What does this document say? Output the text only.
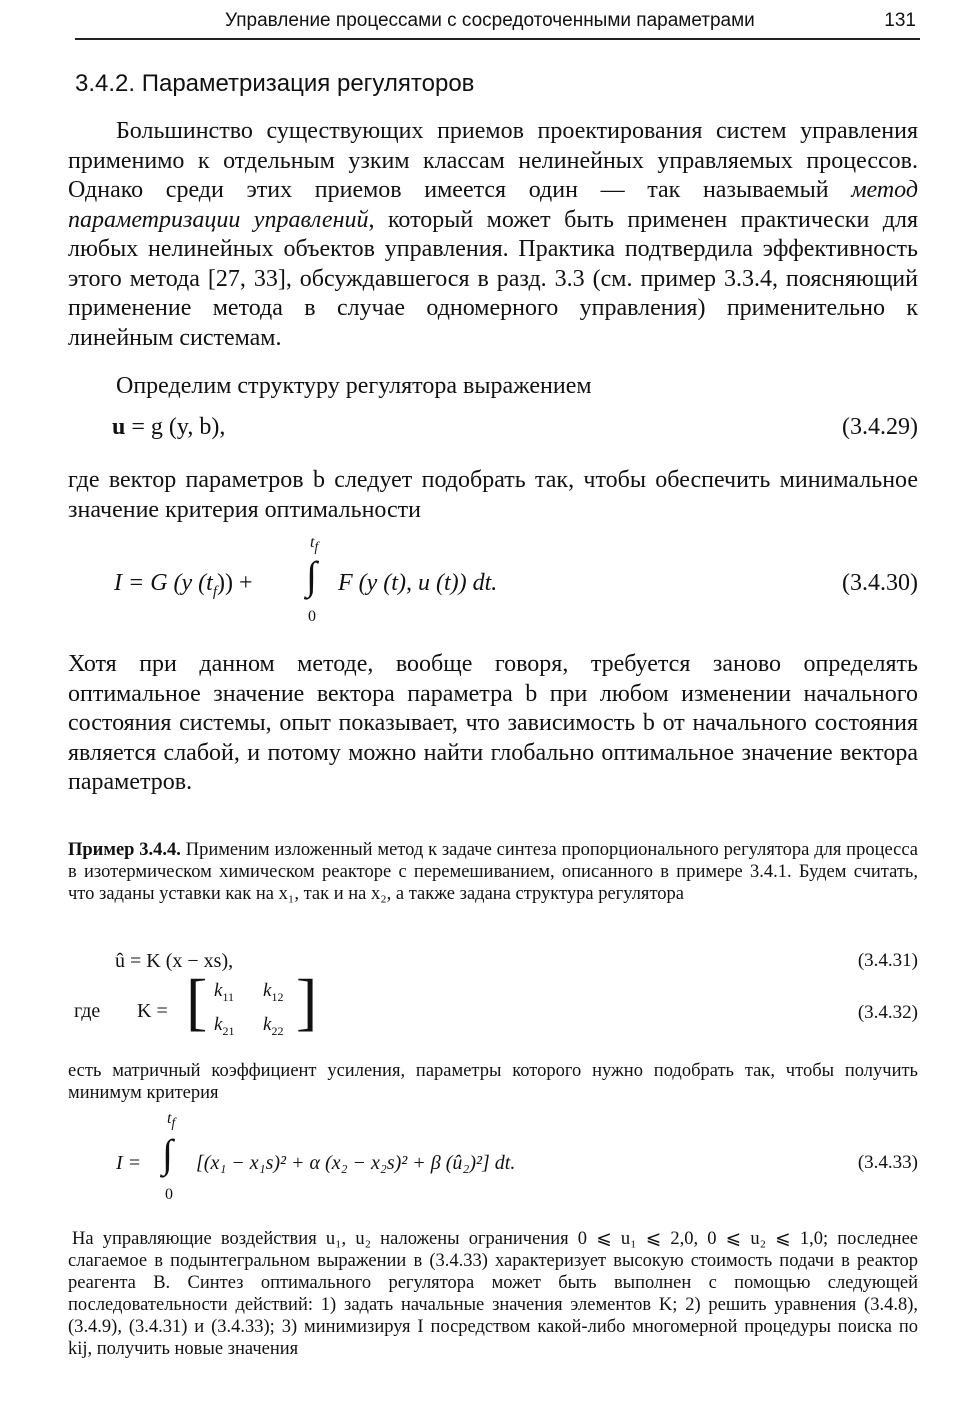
Управление процессами с сосредоточенными параметрами	131
3.4.2. Параметризация регуляторов

Большинство существующих приемов проектирования систем управления применимо к отдельным узким классам нелинейных управляемых процессов. Однако среди этих приемов имеется один — так называемый метод параметризации управлений, который может быть применен практически для любых нелинейных объектов управления. Практика подтвердила эффективность этого метода [27, 33], обсуждавшегося в разд. 3.3 (см. пример 3.3.4, поясняющий применение метода в случае одномерного управления) применительно к линейным системам.

Определим структуру регулятора выражением

u = g (y, b),	(3.4.29)

где вектор параметров b следует подобрать так, чтобы обеспечить минимальное значение критерия оптимальности

I = G (y $(t_f)$) +
$t_f$
∫
0
F (y (t), u (t)) dt.	(3.4.30)

Хотя при данном методе, вообще говоря, требуется заново определять оптимальное значение вектора параметра b при любом изменении начального состояния системы, опыт показывает, что зависимость b от начального состояния является слабой, и потому можно найти глобально оптимальное значение вектора параметров.

Пример 3.4.4. Применим изложенный метод к задаче синтеза пропорционального регулятора для процесса в изотермическом химическом реакторе с перемешиванием, описанного в примере 3.4.1. Будем считать, что заданы уставки как на x₁, так и на x₂, а также задана структура регулятора

û = K (x − xs),	(3.4.31)
где K = [ $k_{11}$ $k_{12}$
$k_{21}$ $k_{22}$ ]	(3.4.32)

есть матричный коэффициент усиления, параметры которого нужно подобрать так, чтобы получить минимум критерия

$t_f$
I = ∫
0
[(x₁ − x₁s)² + α (x₂ − x₂s)² + β (û₂)²] dt.	(3.4.33)

На управляющие воздействия u₁, u₂ наложены ограничения 0 ⩽ u₁ ⩽ 2,0, 0 ⩽ u₂ ⩽ 1,0; последнее слагаемое в подынтегральном выражении в (3.4.33) характеризует высокую стоимость подачи в реактор реагента B. Синтез оптимального регулятора может быть выполнен с помощью следующей последовательности действий: 1) задать начальные значения элементов K; 2) решить уравнения (3.4.8), (3.4.9), (3.4.31) и (3.4.33); 3) минимизируя I посредством какой-либо многомерной процедуры поиска по kij, получить новые значения
